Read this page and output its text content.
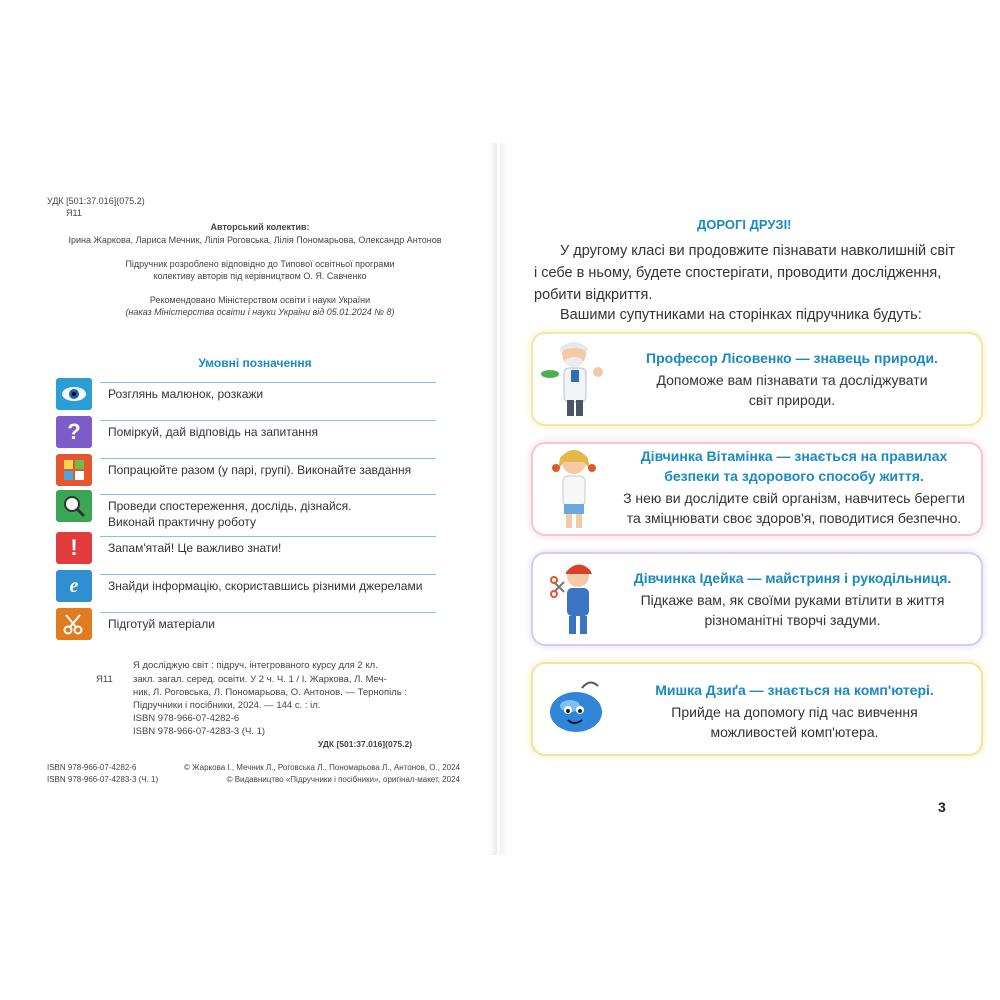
УДК [501:37.016](075.2)
Я11
Авторський колектив:
Ірина Жаркова, Лариса Мечник, Лілія Роговська, Лілія Пономарьова, Олександр Антонов
Підручник розроблено відповідно до Типової освітньої програми
колективу авторів під керівництвом О. Я. Савченко
Рекомендовано Міністерством освіти і науки України
(наказ Міністерства освіти і науки України від 05.01.2024 № 8)
Умовні позначення
Розглянь малюнок, розкажи
? Поміркуй, дай відповідь на запитання
Попрацюйте разом (у парі, групі). Виконайте завдання
Проведи спостереження, дослідь, дізнайся.
Виконай практичну роботу
!	Запам'ятай! Це важливо знати!
e Знайди інформацію, скориставшись різними джерелами
Підготуй матеріали
Я досліджую світ : підруч. інтегрованого курсу для 2 кл.
Я11 закл. загал. серед. освіти. У 2 ч. Ч. 1 / І. Жаркова, Л. Меч-
ник, Л. Роговська, Л. Пономарьова, О. Антонов. — Тернопіль :
Підручники і посібники, 2024. — 144 с. : іл.
ISBN 978-966-07-4282-6
ISBN 978-966-07-4283-3 (Ч. 1)
УДК [501:37.016](075.2)
ISBN 978-966-07-4282-6
ISBN 978-966-07-4283-3 (Ч. 1)
© Жаркова І., Мечник Л., Роговська Л., Пономарьова Л., Антонов, О., 2024
© Видавництво «Підручники і посібники», оригінал-макет, 2024
ДОРОГІ ДРУЗІ!
У другому класі ви продовжите пізнавати навколишній світ
і себе в ньому, будете спостерігати, проводити дослідження,
робити відкриття.
Вашими супутниками на сторінках підручника будуть:
Професор Лісовенко — знавець природи.
Допоможе вам пізнавати та досліджувати
світ природи.
Дівчинка Вітамінка — знається на правилах
безпеки та здорового способу життя.
З нею ви дослідите свій організм, навчитесь берегти
та зміцнювати своє здоров'я, поводитися безпечно.
Дівчинка Ідейка — майстриня і рукодільниця.
Підкаже вам, як своїми руками втілити в життя
різноманітні творчі задуми.
Мишка Дзиґа — знається на комп'ютері.
Прийде на допомогу під час вивчення
можливостей комп'ютера.
3
